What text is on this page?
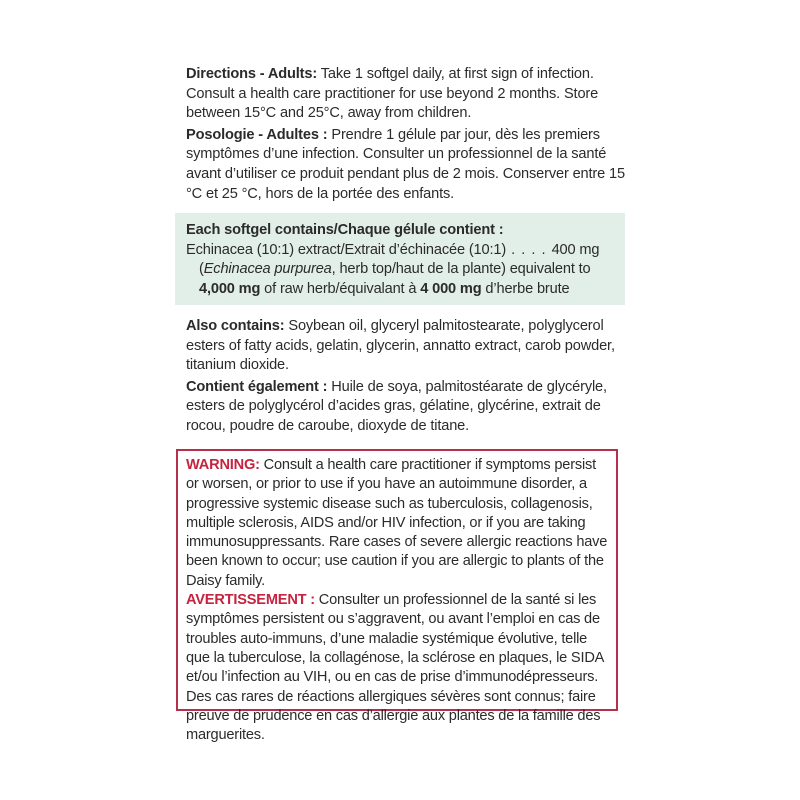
Directions - Adults: Take 1 softgel daily, at first sign of infection. Consult a health care practitioner for use beyond 2 months. Store between 15°C and 25°C, away from children.

Posologie - Adultes : Prendre 1 gélule par jour, dès les premiers symptômes d’une infection. Consulter un professionnel de la santé avant d’utiliser ce produit pendant plus de 2 mois. Conserver entre 15 °C et 25 °C, hors de la portée des enfants.

Each softgel contains/Chaque gélule contient :
Echinacea (10:1) extract/Extrait d’échinacée (10:1) . . . . 400 mg
(Echinacea purpurea, herb top/haut de la plante) equivalent to
4,000 mg of raw herb/équivalant à 4 000 mg d’herbe brute

Also contains: Soybean oil, glyceryl palmitostearate, polyglycerol esters of fatty acids, gelatin, glycerin, annatto extract, carob powder, titanium dioxide.

Contient également : Huile de soya, palmitostéarate de glycéryle, esters de polyglycérol d’acides gras, gélatine, glycérine, extrait de rocou, poudre de caroube, dioxyde de titane.

WARNING: Consult a health care practitioner if symptoms persist or worsen, or prior to use if you have an autoimmune disorder, a progressive systemic disease such as tuberculosis, collagenosis, multiple sclerosis, AIDS and/or HIV infection, or if you are taking immunosuppressants. Rare cases of severe allergic reactions have been known to occur; use caution if you are allergic to plants of the Daisy family.

AVERTISSEMENT : Consulter un professionnel de la santé si les symptômes persistent ou s’aggravent, ou avant l’emploi en cas de troubles auto-immuns, d’une maladie systémique évolutive, telle que la tuberculose, la collagénose, la sclérose en plaques, le SIDA et/ou l’infection au VIH, ou en cas de prise d’immunodépresseurs. Des cas rares de réactions allergiques sévères sont connus; faire preuve de prudence en cas d’allergie aux plantes de la famille des marguerites.
